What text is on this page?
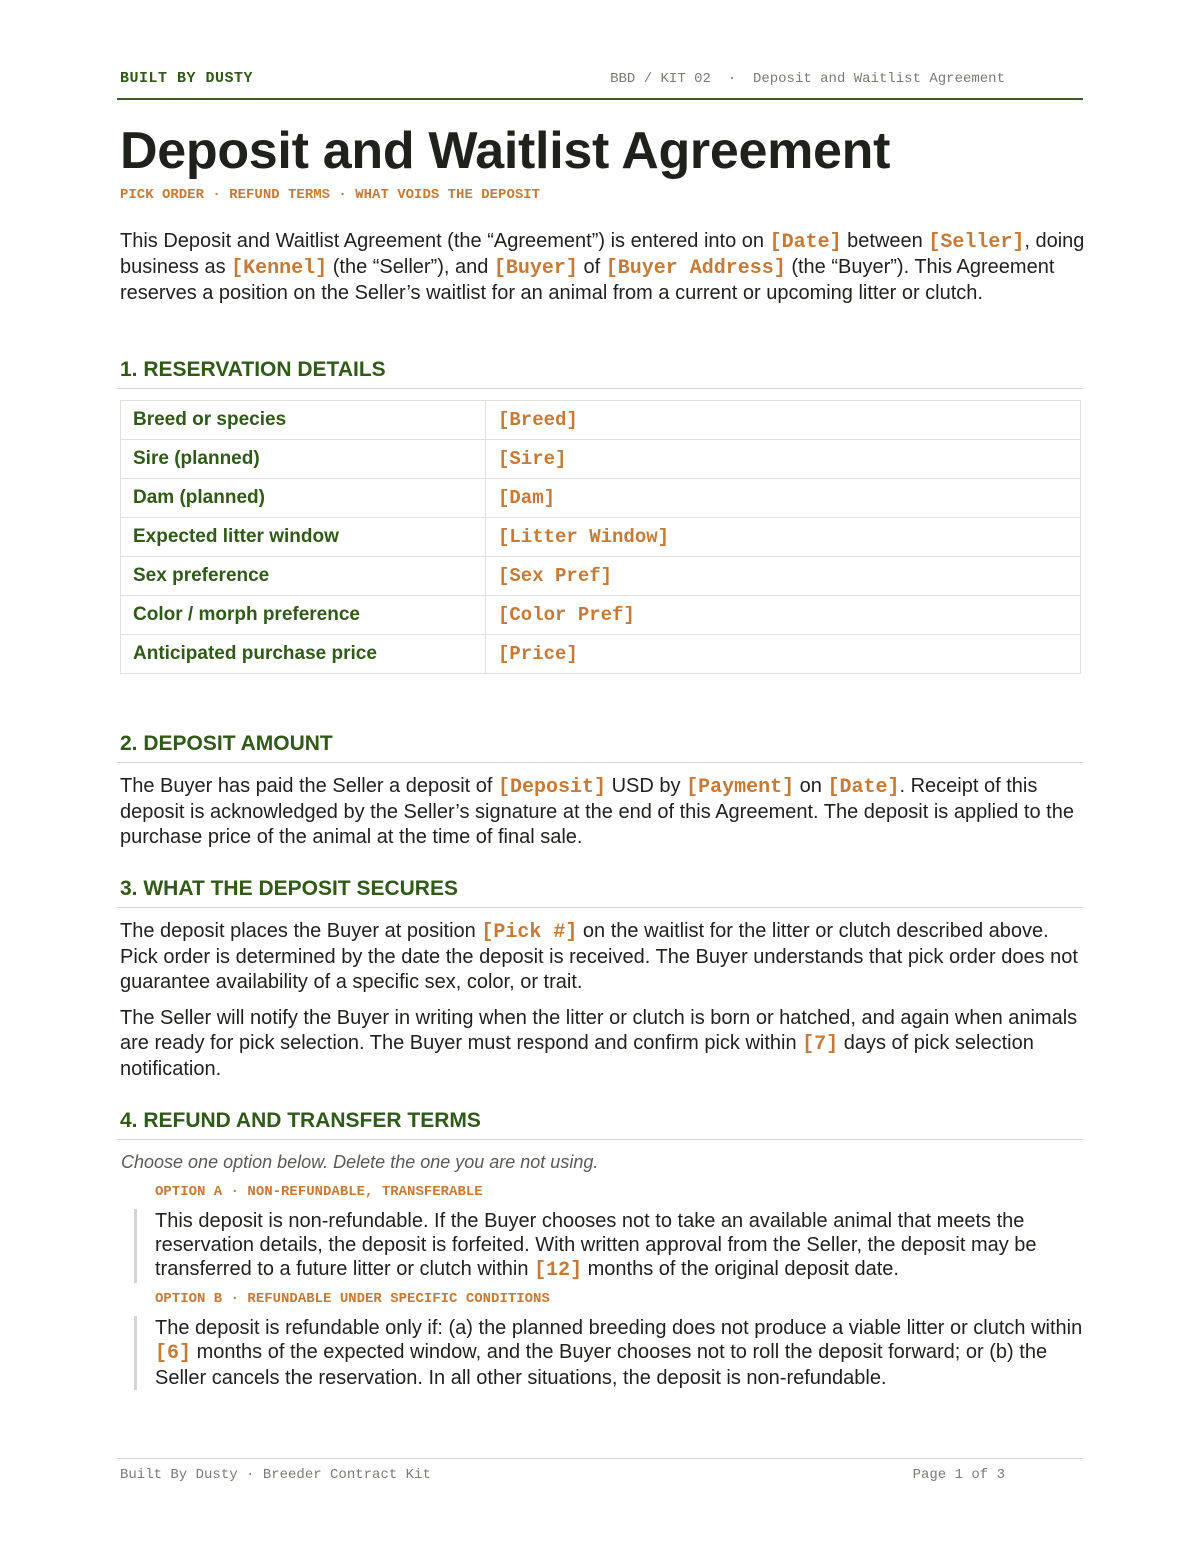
BUILT BY DUSTY	BBD / KIT 02  ·  Deposit and Waitlist Agreement
Deposit and Waitlist Agreement

PICK ORDER · REFUND TERMS · WHAT VOIDS THE DEPOSIT

This Deposit and Waitlist Agreement (the “Agreement”) is entered into on [Date] between [Seller], doing business as [Kennel] (the “Seller”), and [Buyer] of [Buyer Address] (the “Buyer”). This Agreement reserves a position on the Seller’s waitlist for an animal from a current or upcoming litter or clutch.

1. RESERVATION DETAILS
Breed or species	[Breed]
Sire (planned)	[Sire]
Dam (planned)	[Dam]
Expected litter window	[Litter Window]
Sex preference	[Sex Pref]
Color / morph preference	[Color Pref]
Anticipated purchase price	[Price]
2. DEPOSIT AMOUNT

The Buyer has paid the Seller a deposit of [Deposit] USD by [Payment] on [Date]. Receipt of this deposit is acknowledged by the Seller’s signature at the end of this Agreement. The deposit is applied to the purchase price of the animal at the time of final sale.

3. WHAT THE DEPOSIT SECURES

The deposit places the Buyer at position [Pick #] on the waitlist for the litter or clutch described above. Pick order is determined by the date the deposit is received. The Buyer understands that pick order does not guarantee availability of a specific sex, color, or trait.

The Seller will notify the Buyer in writing when the litter or clutch is born or hatched, and again when animals are ready for pick selection. The Buyer must respond and confirm pick within [7] days of pick selection notification.

4. REFUND AND TRANSFER TERMS

Choose one option below. Delete the one you are not using.

OPTION A · NON-REFUNDABLE, TRANSFERABLE

This deposit is non-refundable. If the Buyer chooses not to take an available animal that meets the reservation details, the deposit is forfeited. With written approval from the Seller, the deposit may be transferred to a future litter or clutch within [12] months of the original deposit date.

OPTION B · REFUNDABLE UNDER SPECIFIC CONDITIONS

The deposit is refundable only if: (a) the planned breeding does not produce a viable litter or clutch within [6] months of the expected window, and the Buyer chooses not to roll the deposit forward; or (b) the Seller cancels the reservation. In all other situations, the deposit is non-refundable.

Built By Dusty · Breeder Contract Kit	Page 1 of 3
